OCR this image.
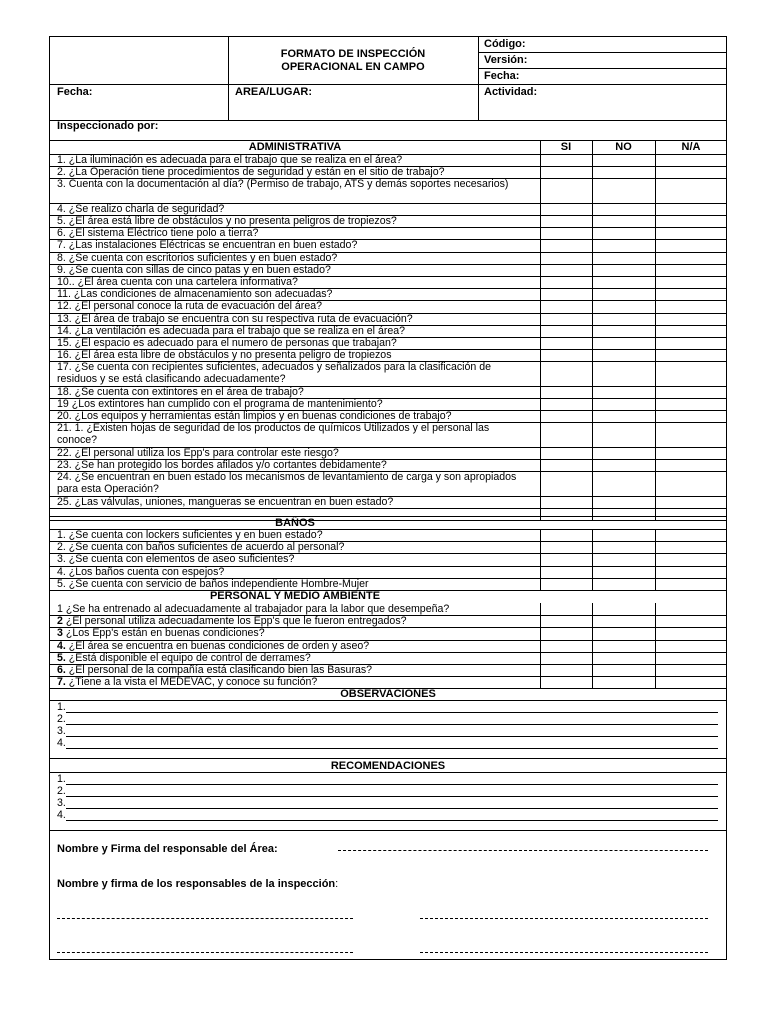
FORMATO DE INSPECCIÓN
OPERACIONAL EN CAMPO
Código:
Versión:
Fecha:
Fecha:	AREA/LUGAR:	Actividad:
Inspeccionado por:
ADMINISTRATIVA	SI	NO	N/A
1. ¿La iluminación es adecuada para el trabajo que se realiza en el área?
2. ¿La Operación tiene procedimientos de seguridad y están en el sitio de trabajo?
3. Cuenta con la documentación al día? (Permiso de trabajo, ATS y demás soportes necesarios)
4. ¿Se realizo charla de seguridad?
5. ¿El área está libre de obstáculos y no presenta peligros de tropiezos?
6. ¿El sistema Eléctrico tiene polo a tierra?
7. ¿Las instalaciones Eléctricas se encuentran en buen estado?
8. ¿Se cuenta con escritorios suficientes y en buen estado?
9. ¿Se cuenta con sillas de cinco patas y en buen estado?
10.. ¿El área cuenta con una cartelera informativa?
11. ¿Las condiciones de almacenamiento son adecuadas?
12. ¿El personal conoce la ruta de evacuación del área?
13. ¿El área de trabajo se encuentra con su respectiva ruta de evacuación?
14. ¿La ventilación es adecuada para el trabajo que se realiza en el área?
15. ¿El espacio es adecuado para el numero de personas que trabajan?
16. ¿El área esta libre de obstáculos y no presenta peligro de tropiezos
17. ¿Se cuenta con recipientes suficientes, adecuados y señalizados para la clasificación de residuos y se está clasificando adecuadamente?
18. ¿Se cuenta con extintores en el área de trabajo?
19 ¿Los extintores han cumplido con el programa de mantenimiento?
20. ¿Los equipos y herramientas están limpios y en buenas condiciones de trabajo?
21. 1. ¿Existen hojas de seguridad de los productos de químicos Utilizados y el personal las conoce?
22. ¿El personal utiliza los Epp's para controlar este riesgo?
23. ¿Se han protegido los bordes afilados y/o cortantes debidamente?
24. ¿Se encuentran en buen estado los mecanismos de levantamiento de carga y son apropiados para esta Operación?
25. ¿Las válvulas, uniones, mangueras se encuentran en buen estado?
BAÑOS
1. ¿Se cuenta con lockers suficientes y en buen estado?
2. ¿Se cuenta con baños suficientes de acuerdo al personal?
3. ¿Se cuenta con elementos de aseo suficientes?
4. ¿Los baños cuenta con espejos?
5. ¿Se cuenta con servicio de baños independiente Hombre-Mujer
PERSONAL Y MEDIO AMBIENTE
1 ¿Se ha entrenado al adecuadamente al trabajador para la labor que desempeña?
2 ¿El personal utiliza adecuadamente los Epp's que le fueron entregados?
3 ¿Los Epp's están en buenas condiciones?
4. ¿El área se encuentra en buenas condiciones de orden y aseo?
5. ¿Está disponible el equipo de control de derrames?
6. ¿El personal de la compañía está clasificando bien las Basuras?
7. ¿Tiene a la vista el MEDEVAC, y conoce su función?
OBSERVACIONES
1.
2.
3.
4.
RECOMENDACIONES
1.
2.
3.
4.
Nombre y Firma del responsable del Área:
Nombre y firma de los responsables de la inspección:
